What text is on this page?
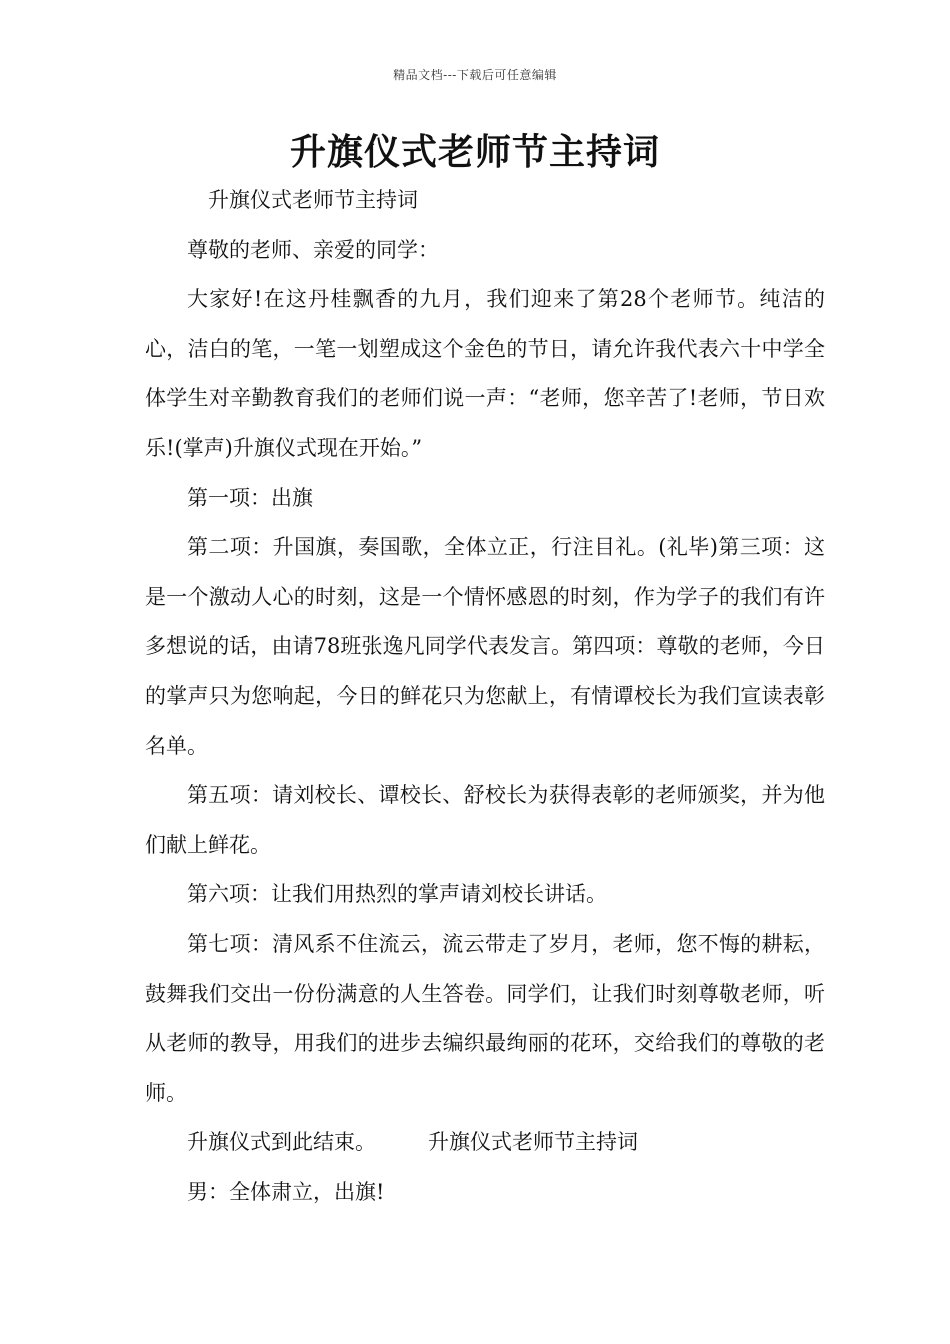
精品文档---下载后可任意编辑
升旗仪式老师节主持词

升旗仪式老师节主持词

尊敬的老师、亲爱的同学：

大家好!在这丹桂飘香的九月，我们迎来了第28个老师节。纯洁的心，洁白的笔，一笔一划塑成这个金色的节日，请允许我代表六十中学全体学生对辛勤教育我们的老师们说一声：“老师，您辛苦了!老师，节日欢乐!(掌声)升旗仪式现在开始。”

第一项：出旗

第二项：升国旗，奏国歌，全体立正，行注目礼。(礼毕)第三项：这是一个激动人心的时刻，这是一个情怀感恩的时刻，作为学子的我们有许多想说的话，由请78班张逸凡同学代表发言。第四项：尊敬的老师，今日的掌声只为您响起，今日的鲜花只为您献上，有情谭校长为我们宣读表彰名单。

第五项：请刘校长、谭校长、舒校长为获得表彰的老师颁奖，并为他们献上鲜花。

第六项：让我们用热烈的掌声请刘校长讲话。

第七项：清风系不住流云，流云带走了岁月，老师，您不悔的耕耘，鼓舞我们交出一份份满意的人生答卷。同学们，让我们时刻尊敬老师，听从老师的教导，用我们的进步去编织最绚丽的花环，交给我们的尊敬的老师。

升旗仪式到此结束。 升旗仪式老师节主持词

男：全体肃立，出旗!
